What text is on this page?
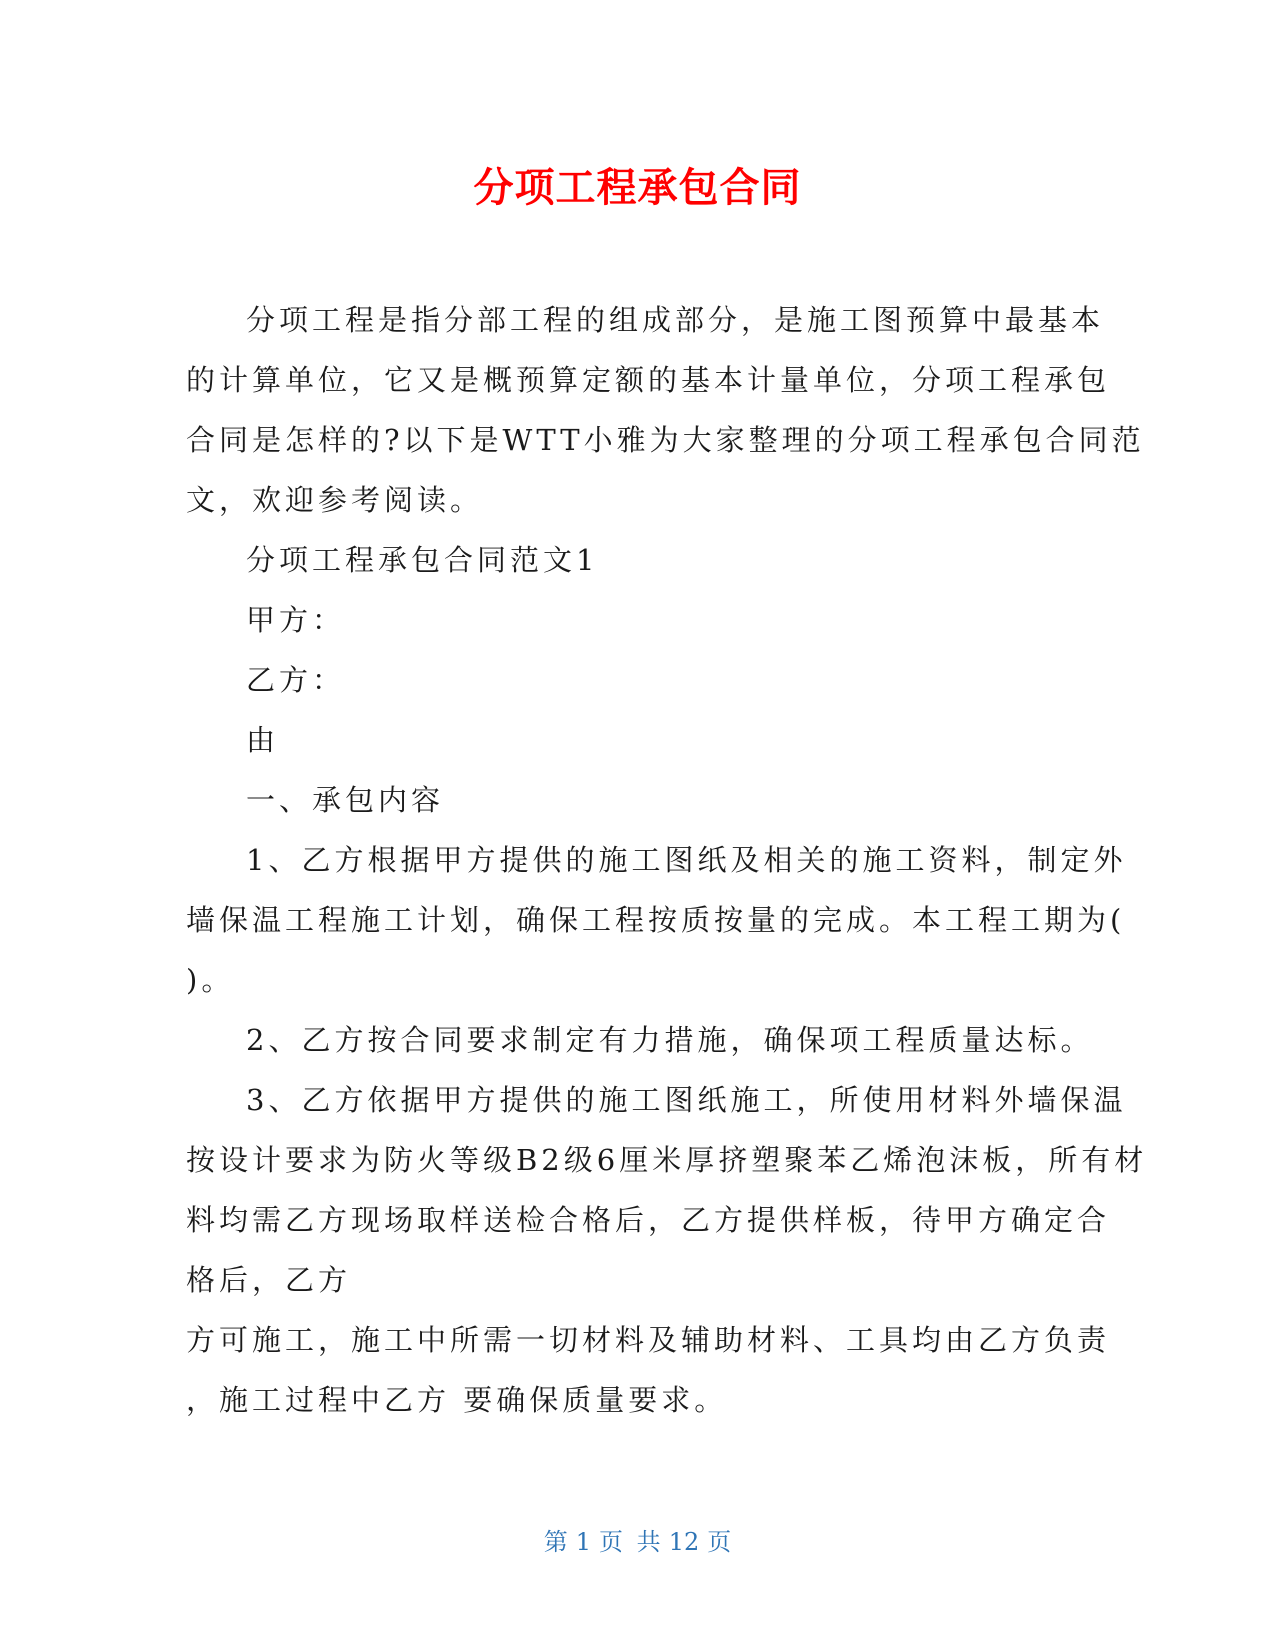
分项工程承包合同
分项工程是指分部工程的组成部分，是施工图预算中最基本
的计算单位，它又是概预算定额的基本计量单位，分项工程承包
合同是怎样的?以下是WTT小雅为大家整理的分项工程承包合同范
文，欢迎参考阅读。
分项工程承包合同范文1
甲方：
乙方：
由
一、承包内容
1、乙方根据甲方提供的施工图纸及相关的施工资料，制定外
墙保温工程施工计划，确保工程按质按量的完成。本工程工期为(
)。
2、乙方按合同要求制定有力措施，确保项工程质量达标。
3、乙方依据甲方提供的施工图纸施工，所使用材料外墙保温
按设计要求为防火等级B2级6厘米厚挤塑聚苯乙烯泡沫板，所有材
料均需乙方现场取样送检合格后，乙方提供样板，待甲方确定合
格后，乙方
方可施工，施工中所需一切材料及辅助材料、工具均由乙方负责
，施工过程中乙方 要确保质量要求。
第 1 页 共 12 页
